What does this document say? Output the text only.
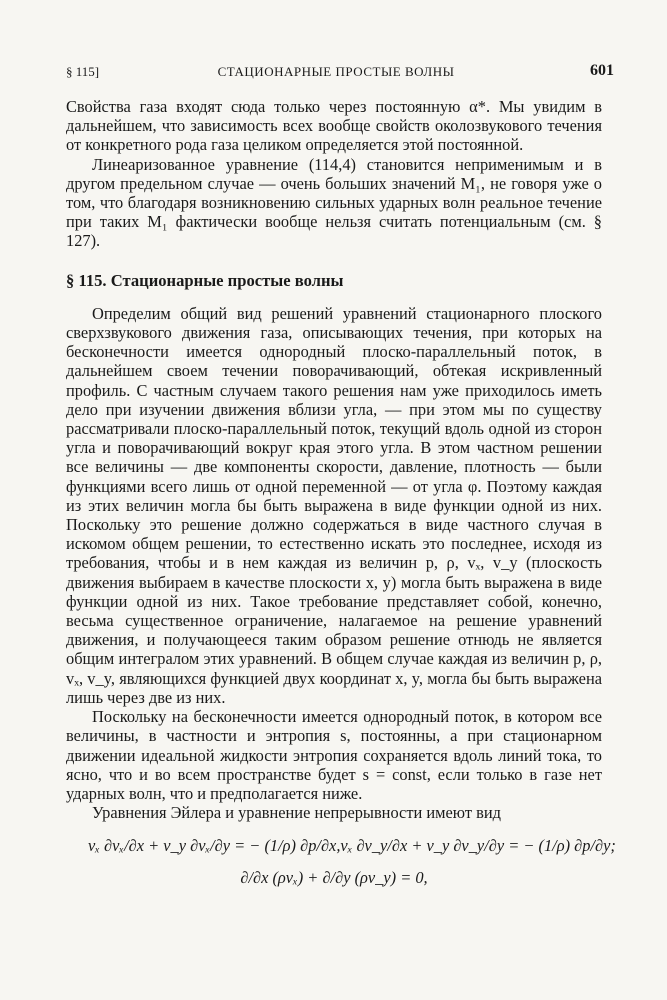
§ 115]	СТАЦИОНАРНЫЕ ПРОСТЫЕ ВОЛНЫ	601

Свойства газа входят сюда только через постоянную α*. Мы увидим в дальнейшем, что зависимость всех вообще свойств околозвукового течения от конкретного рода газа целиком определяется этой постоянной.

Линеаризованное уравнение (114,4) становится неприменимым и в другом предельном случае — очень больших значений M₁, не говоря уже о том, что благодаря возникновению сильных ударных волн реальное течение при таких M₁ фактически вообще нельзя считать потенциальным (см. § 127).

§ 115. Стационарные простые волны

Определим общий вид решений уравнений стационарного плоского сверхзвукового движения газа, описывающих течения, при которых на бесконечности имеется однородный плоско-параллельный поток, в дальнейшем своем течении поворачивающий, обтекая искривленный профиль. С частным случаем такого решения нам уже приходилось иметь дело при изучении движения вблизи угла, — при этом мы по существу рассматривали плоско-параллельный поток, текущий вдоль одной из сторон угла и поворачивающий вокруг края этого угла. В этом частном решении все величины — две компоненты скорости, давление, плотность — были функциями всего лишь от одной переменной — от угла φ. Поэтому каждая из этих величин могла бы быть выражена в виде функции одной из них. Поскольку это решение должно содержаться в виде частного случая в искомом общем решении, то естественно искать это последнее, исходя из требования, чтобы и в нем каждая из величин p, ρ, vₓ, v_y (плоскость движения выбираем в качестве плоскости x, y) могла быть выражена в виде функции одной из них. Такое требование представляет собой, конечно, весьма существенное ограничение, налагаемое на решение уравнений движения, и получающееся таким образом решение отнюдь не является общим интегралом этих уравнений. В общем случае каждая из величин p, ρ, vₓ, v_y, являющихся функцией двух координат x, y, могла бы быть выражена лишь через две из них.

Поскольку на бесконечности имеется однородный поток, в котором все величины, в частности и энтропия s, постоянны, а при стационарном движении идеальной жидкости энтропия сохраняется вдоль линий тока, то ясно, что и во всем пространстве будет s = const, если только в газе нет ударных волн, что и предполагается ниже.

Уравнения Эйлера и уравнение непрерывности имеют вид

vₓ ∂vₓ/∂x + v_y ∂vₓ/∂y = − (1/ρ) ∂p/∂x, vₓ ∂v_y/∂x + v_y ∂v_y/∂y = − (1/ρ) ∂p/∂y;
∂/∂x (ρvₓ) + ∂/∂y (ρv_y) = 0,
